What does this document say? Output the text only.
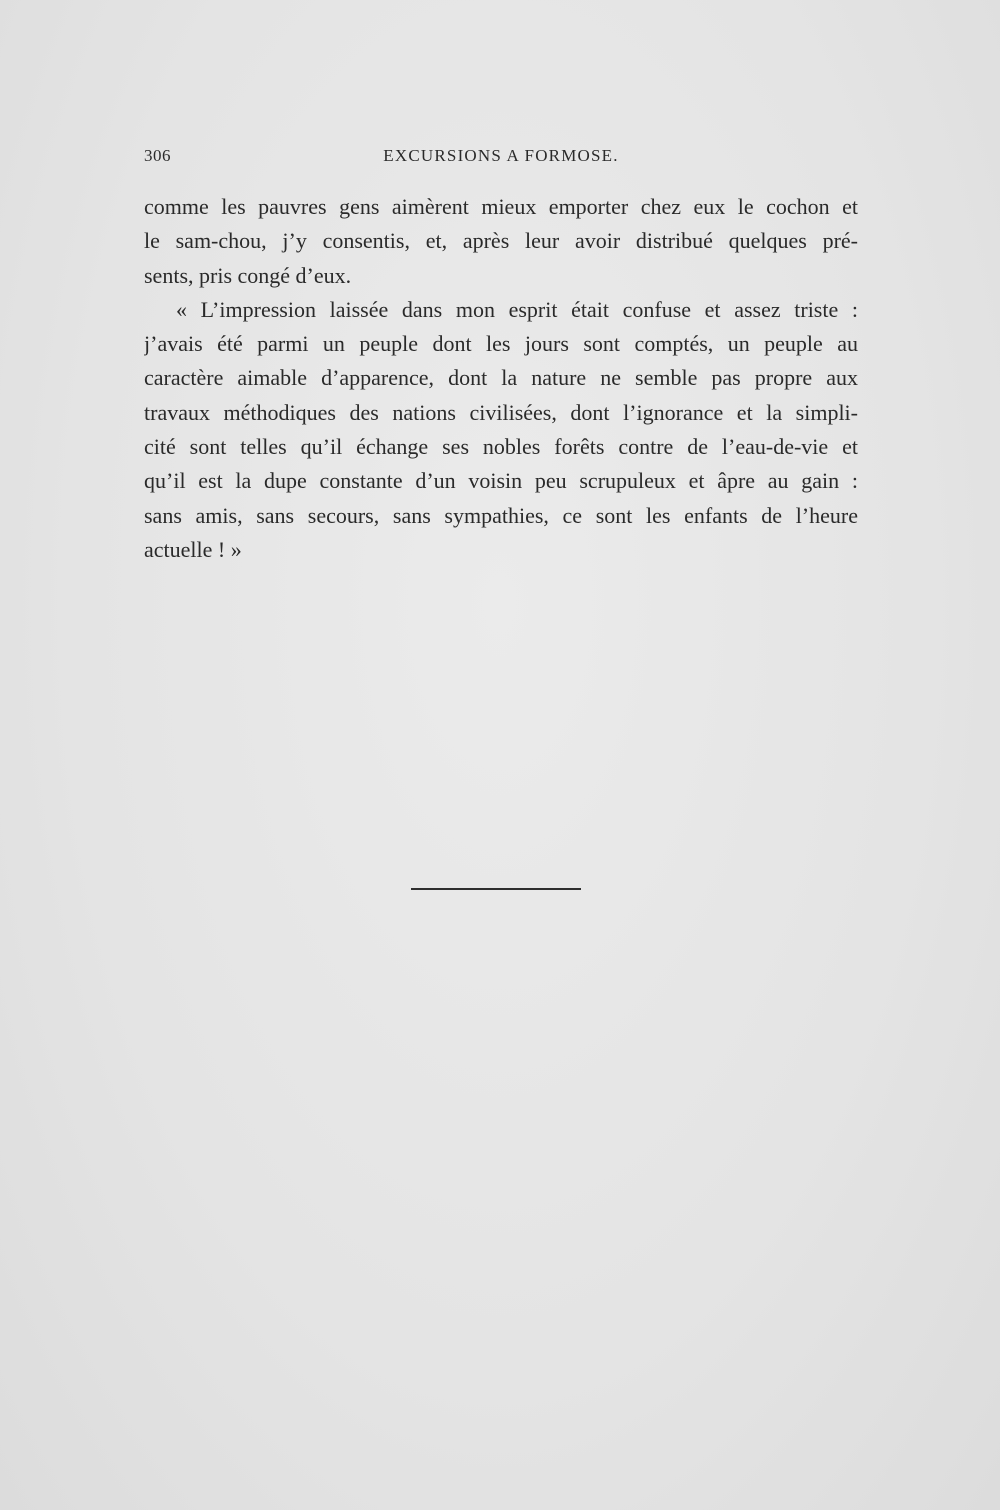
306	EXCURSIONS A FORMOSE.
comme les pauvres gens aimèrent mieux emporter chez eux le cochon et
le sam-chou, j’y consentis, et, après leur avoir distribué quelques pré-
sents, pris congé d’eux.
« L’impression laissée dans mon esprit était confuse et assez triste :
j’avais été parmi un peuple dont les jours sont comptés, un peuple au
caractère aimable d’apparence, dont la nature ne semble pas propre aux
travaux méthodiques des nations civilisées, dont l’ignorance et la simpli-
cité sont telles qu’il échange ses nobles forêts contre de l’eau-de-vie et
qu’il est la dupe constante d’un voisin peu scrupuleux et âpre au gain :
sans amis, sans secours, sans sympathies, ce sont les enfants de l’heure
actuelle ! »
